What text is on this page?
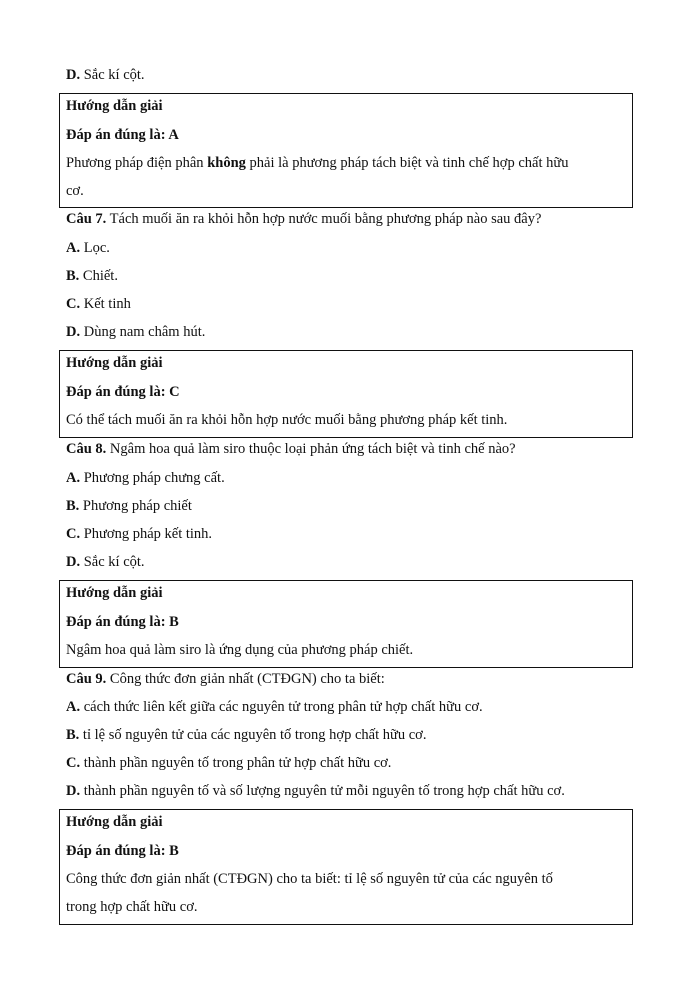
D. Sắc kí cột.
Hướng dẫn giải
Đáp án đúng là: A
Phương pháp điện phân không phải là phương pháp tách biệt và tinh chế hợp chất hữu
cơ.
Câu 7. Tách muối ăn ra khỏi hỗn hợp nước muối bằng phương pháp nào sau đây?
A. Lọc.
B. Chiết.
C. Kết tinh
D. Dùng nam châm hút.
Hướng dẫn giải
Đáp án đúng là: C
Có thể tách muối ăn ra khỏi hỗn hợp nước muối bằng phương pháp kết tinh.
Câu 8. Ngâm hoa quả làm siro thuộc loại phản ứng tách biệt và tinh chế nào?
A. Phương pháp chưng cất.
B. Phương pháp chiết
C. Phương pháp kết tinh.
D. Sắc kí cột.
Hướng dẫn giải
Đáp án đúng là: B
Ngâm hoa quả làm siro là ứng dụng của phương pháp chiết.
Câu 9. Công thức đơn giản nhất (CTĐGN) cho ta biết:
A. cách thức liên kết giữa các nguyên tử trong phân tử hợp chất hữu cơ.
B. tỉ lệ số nguyên tử của các nguyên tố trong hợp chất hữu cơ.
C. thành phần nguyên tố trong phân tử hợp chất hữu cơ.
D. thành phần nguyên tố và số lượng nguyên tử mỗi nguyên tố trong hợp chất hữu cơ.
Hướng dẫn giải
Đáp án đúng là: B
Công thức đơn giản nhất (CTĐGN) cho ta biết: tỉ lệ số nguyên tử của các nguyên tố
trong hợp chất hữu cơ.
